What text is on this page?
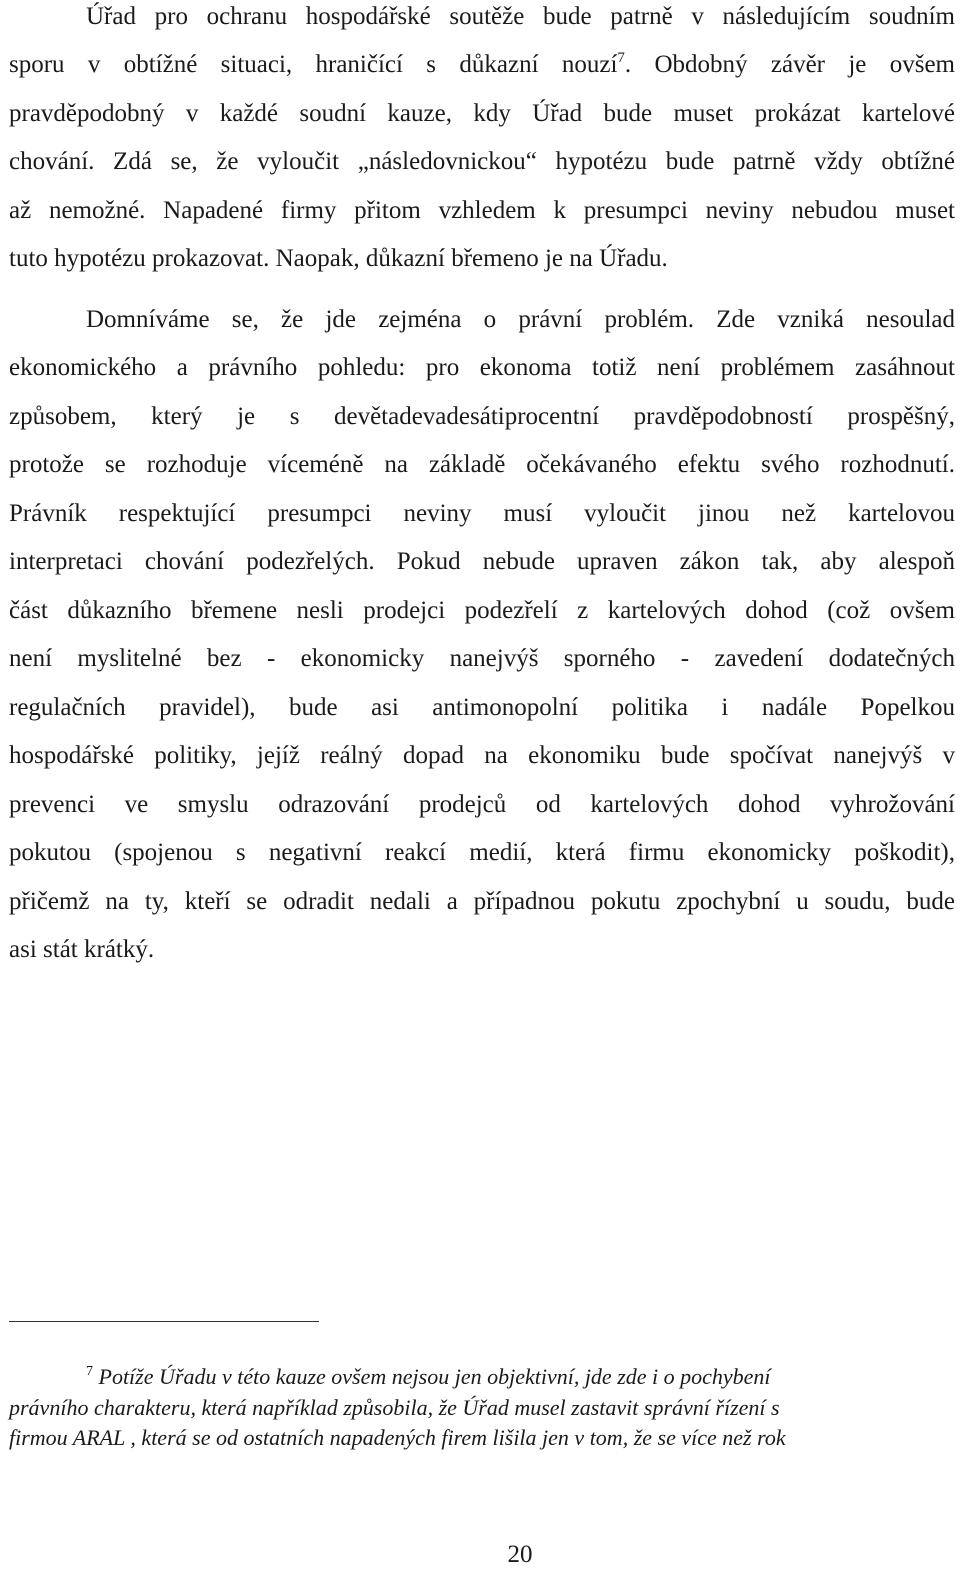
Úřad pro ochranu hospodářské soutěže bude patrně v následujícím soudním
sporu v obtížné situaci, hraničící s důkazní nouzí$^7$. Obdobný závěr je ovšem
pravděpodobný v každé soudní kauze, kdy Úřad bude muset prokázat kartelové
chování. Zdá se, že vyloučit „následovnickou“ hypotézu bude patrně vždy obtížné
až nemožné. Napadené firmy přitom vzhledem k presumpci neviny nebudou muset
tuto hypotézu prokazovat. Naopak, důkazní břemeno je na Úřadu.
Domníváme se, že jde zejména o právní problém. Zde vzniká nesoulad
ekonomického a právního pohledu: pro ekonoma totiž není problémem zasáhnout
způsobem, který je s devětadevadesátiprocentní pravděpodobností prospěšný,
protože se rozhoduje víceméně na základě očekávaného efektu svého rozhodnutí.
Právník respektující presumpci neviny musí vyloučit jinou než kartelovou
interpretaci chování podezřelých. Pokud nebude upraven zákon tak, aby alespoň
část důkazního břemene nesli prodejci podezřelí z kartelových dohod (což ovšem
není myslitelné bez - ekonomicky nanejvýš sporného - zavedení dodatečných
regulačních pravidel), bude asi antimonopolní politika i nadále Popelkou
hospodářské politiky, jejíž reálný dopad na ekonomiku bude spočívat nanejvýš v
prevenci ve smyslu odrazování prodejců od kartelových dohod vyhrožování
pokutou (spojenou s negativní reakcí medií, která firmu ekonomicky poškodit),
přičemž na ty, kteří se odradit nedali a případnou pokutu zpochybní u soudu, bude
asi stát krátký.
$^7$ Potíže Úřadu v této kauze ovšem nejsou jen objektivní, jde zde i o pochybení
právního charakteru, která například způsobila, že Úřad musel zastavit správní řízení s
firmou ARAL , která se od ostatních napadených firem lišila jen v tom, že se více než rok
20
